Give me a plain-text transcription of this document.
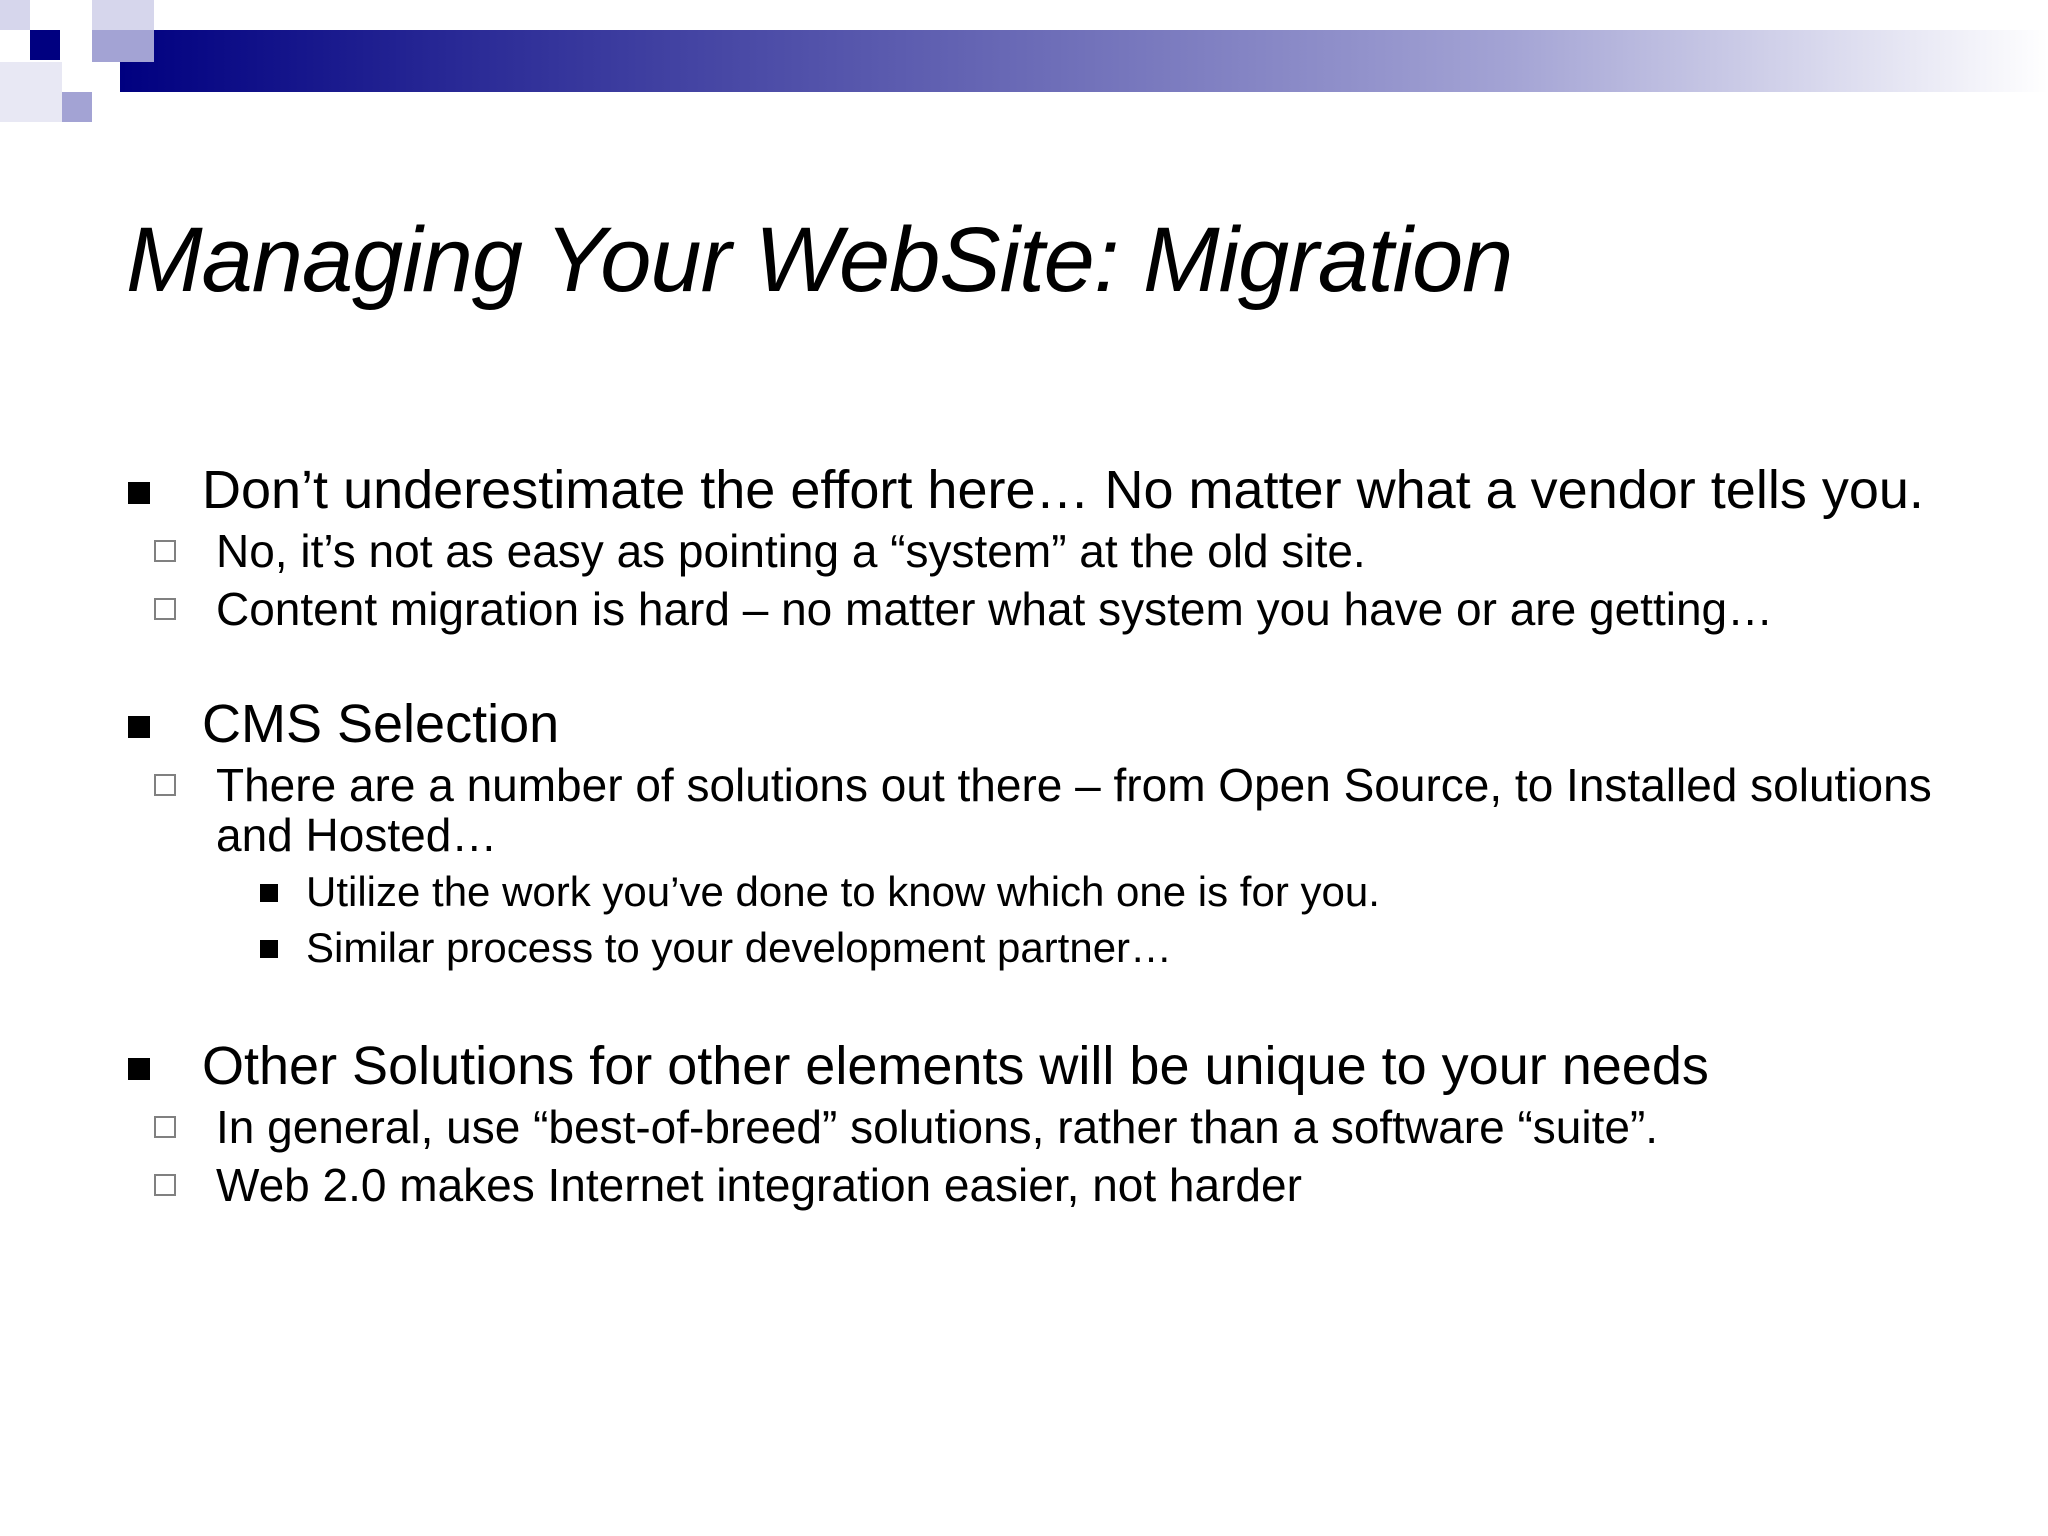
Managing Your WebSite: Migration
Don’t underestimate the effort here… No matter what a vendor tells you.
No, it’s not as easy as pointing a “system” at the old site.
Content migration is hard – no matter what system you have or are getting…
CMS Selection
There are a number of solutions out there – from Open Source, to Installed solutions and Hosted…
Utilize the work you’ve done to know which one is for you.
Similar process to your development partner…
Other Solutions for other elements will be unique to your needs
In general, use “best-of-breed” solutions, rather than a software “suite”.
Web 2.0 makes Internet integration easier, not harder
